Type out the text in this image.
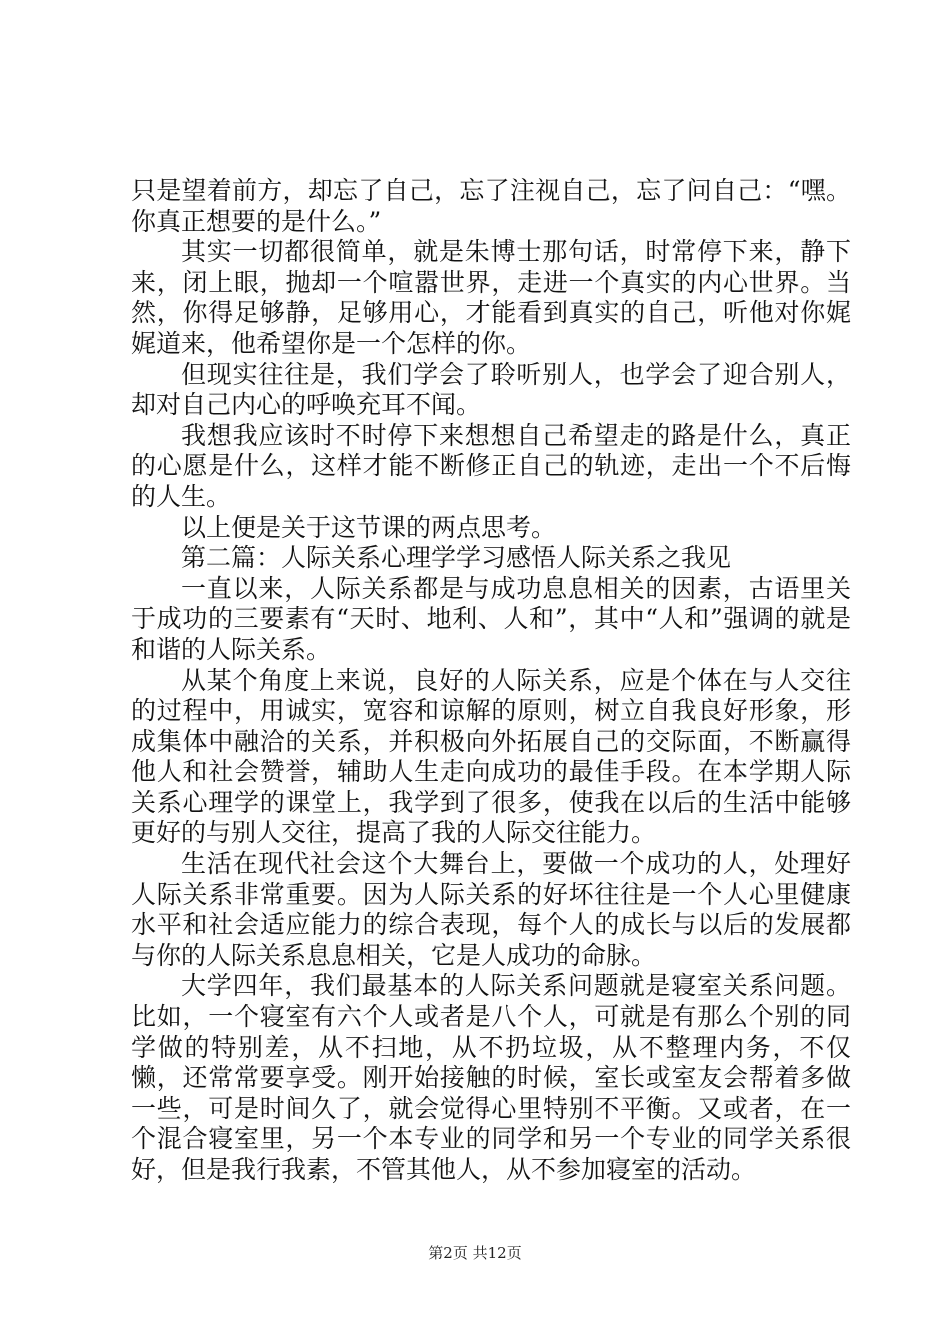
只是望着前方，却忘了自己，忘了注视自己，忘了问自己：“嘿。你真正想要的是什么。”

其实一切都很简单，就是朱博士那句话，时常停下来，静下来，闭上眼，抛却一个喧嚣世界，走进一个真实的内心世界。当然，你得足够静，足够用心，才能看到真实的自己，听他对你娓娓道来，他希望你是一个怎样的你。

但现实往往是，我们学会了聆听别人，也学会了迎合别人，却对自己内心的呼唤充耳不闻。

我想我应该时不时停下来想想自己希望走的路是什么，真正的心愿是什么，这样才能不断修正自己的轨迹，走出一个不后悔的人生。

以上便是关于这节课的两点思考。

第二篇：人际关系心理学学习感悟人际关系之我见

一直以来，人际关系都是与成功息息相关的因素，古语里关于成功的三要素有“天时、地利、人和”，其中“人和”强调的就是和谐的人际关系。

从某个角度上来说，良好的人际关系，应是个体在与人交往的过程中，用诚实，宽容和谅解的原则，树立自我良好形象，形成集体中融洽的关系，并积极向外拓展自己的交际面，不断赢得他人和社会赞誉，辅助人生走向成功的最佳手段。在本学期人际关系心理学的课堂上，我学到了很多，使我在以后的生活中能够更好的与别人交往，提高了我的人际交往能力。

生活在现代社会这个大舞台上，要做一个成功的人，处理好人际关系非常重要。因为人际关系的好坏往往是一个人心里健康水平和社会适应能力的综合表现，每个人的成长与以后的发展都与你的人际关系息息相关，它是人成功的命脉。

大学四年，我们最基本的人际关系问题就是寝室关系问题。比如，一个寝室有六个人或者是八个人，可就是有那么个别的同学做的特别差，从不扫地，从不扔垃圾，从不整理内务，不仅懒，还常常要享受。刚开始接触的时候，室长或室友会帮着多做一些，可是时间久了，就会觉得心里特别不平衡。又或者，在一个混合寝室里，另一个本专业的同学和另一个专业的同学关系很好，但是我行我素，不管其他人，从不参加寝室的活动。

第2页 共12页
